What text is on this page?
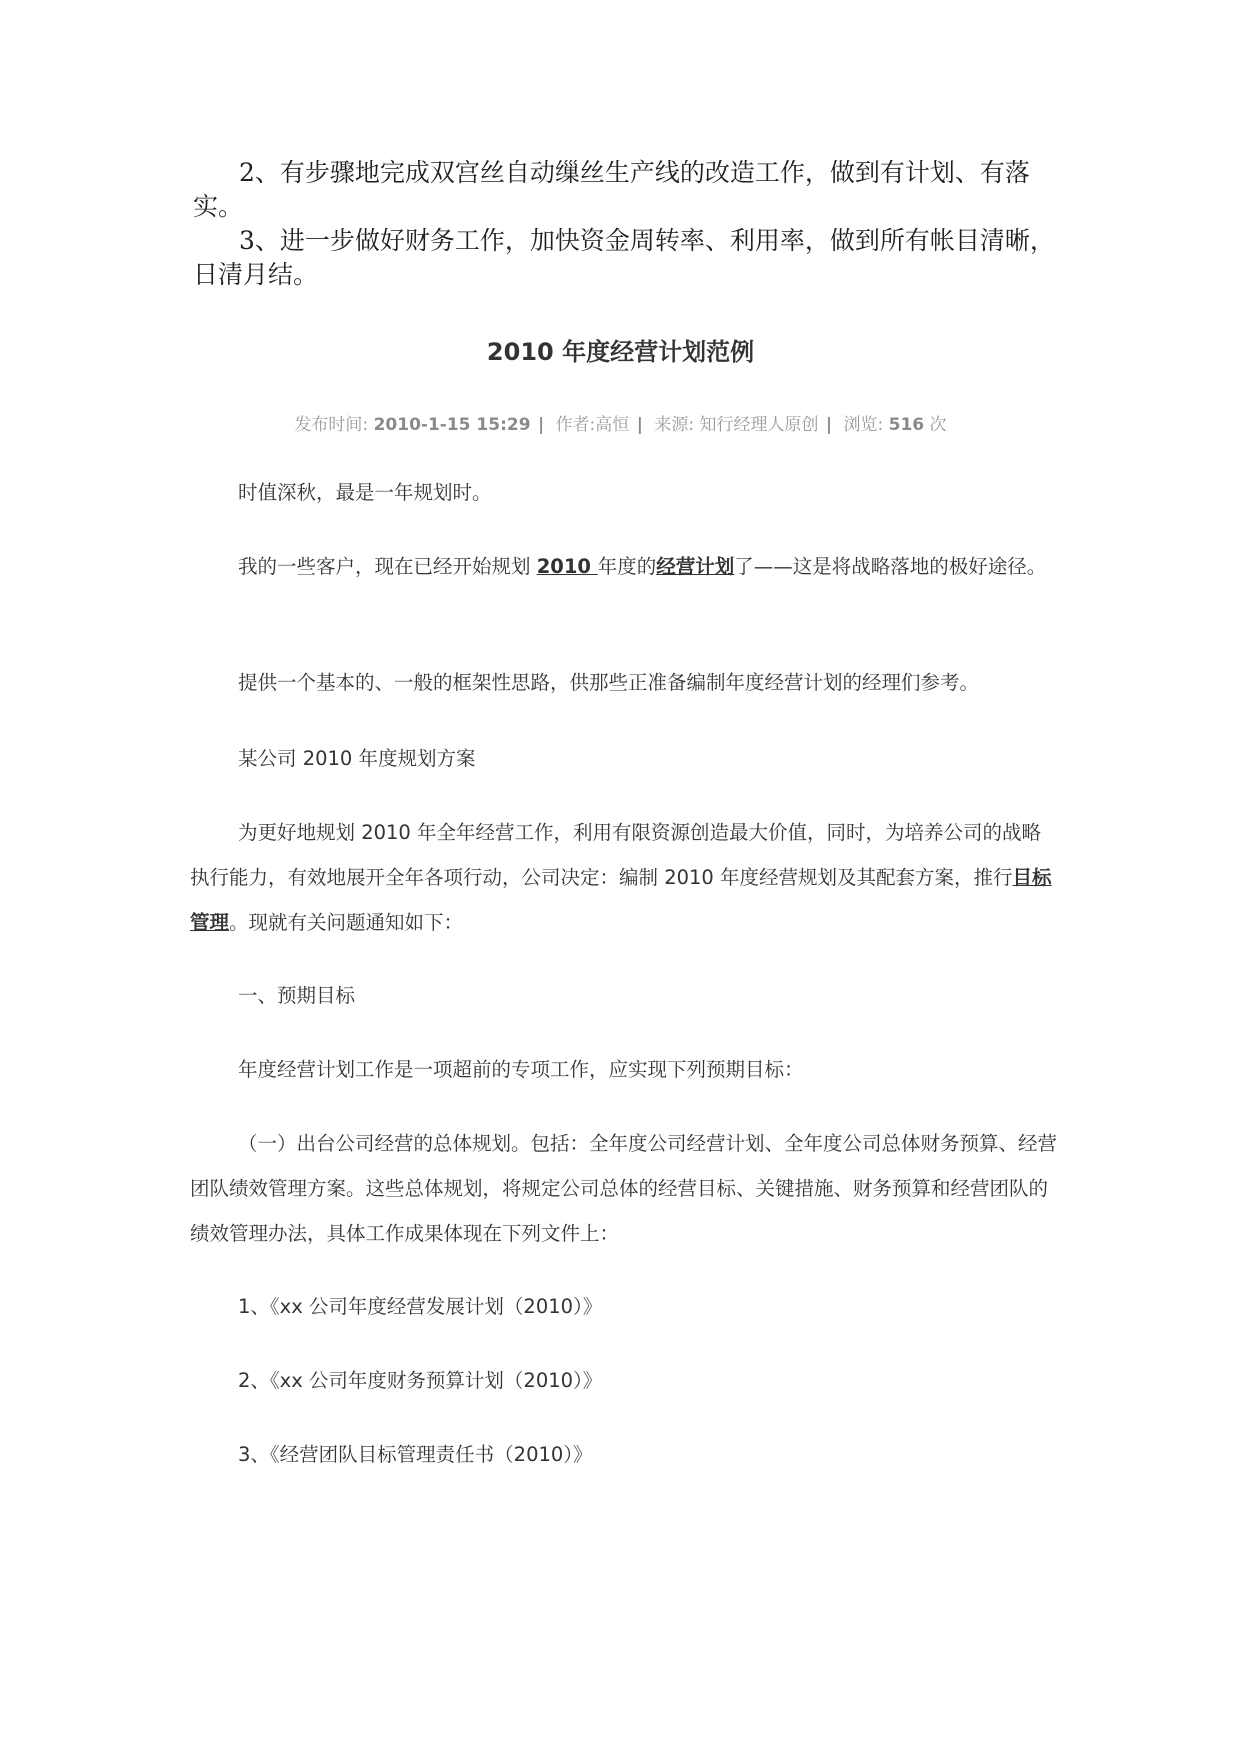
2、有步骤地完成双宫丝自动缫丝生产线的改造工作，做到有计划、有落实。

3、进一步做好财务工作，加快资金周转率、利用率，做到所有帐目清晰，日清月结。

2010 年度经营计划范例
发布时间: 2010-1-15 15:29 | 作者:高恒 | 来源: 知行经理人原创 | 浏览: 516 次

时值深秋，最是一年规划时。

我的一些客户，现在已经开始规划 2010 年度的经营计划了——这是将战略落地的极好途径。

提供一个基本的、一般的框架性思路，供那些正准备编制年度经营计划的经理们参考。

某公司 2010 年度规划方案

为更好地规划 2010 年全年经营工作，利用有限资源创造最大价值，同时，为培养公司的战略执行能力，有效地展开全年各项行动，公司决定：编制 2010 年度经营规划及其配套方案，推行目标管理。现就有关问题通知如下：

一、预期目标

年度经营计划工作是一项超前的专项工作，应实现下列预期目标：

（一）出台公司经营的总体规划。包括：全年度公司经营计划、全年度公司总体财务预算、经营团队绩效管理方案。这些总体规划，将规定公司总体的经营目标、关键措施、财务预算和经营团队的绩效管理办法，具体工作成果体现在下列文件上：

1、《xx 公司年度经营发展计划（2010）》

2、《xx 公司年度财务预算计划（2010）》

3、《经营团队目标管理责任书（2010）》
